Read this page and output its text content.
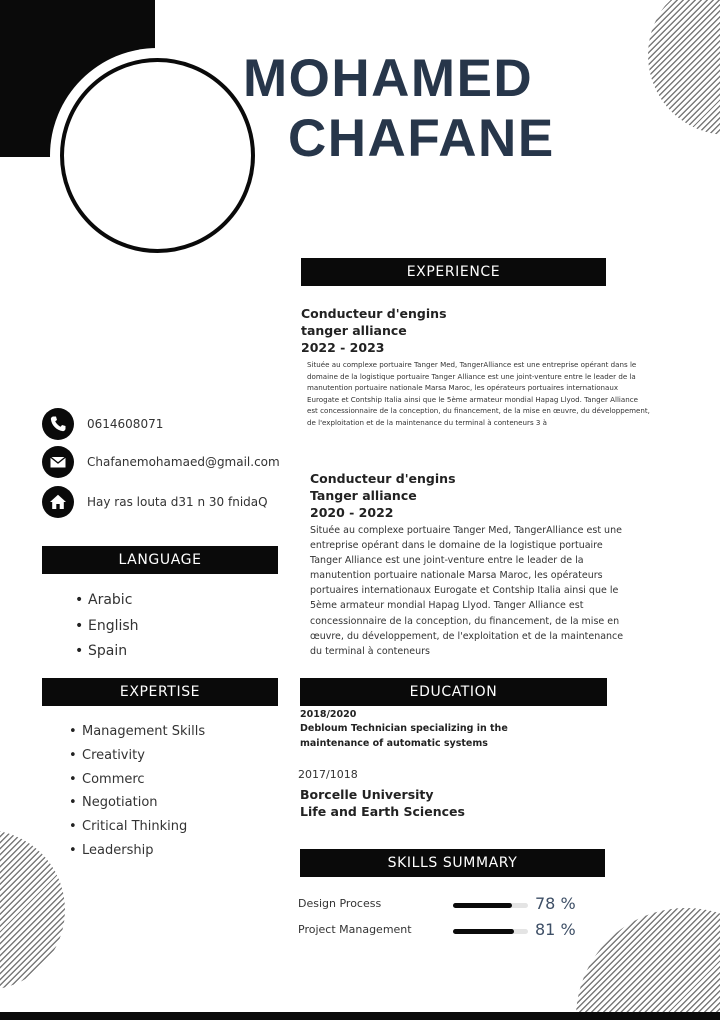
MOHAMED
CHAFANE
0614608071
Chafanemohamaed@gmail.com
Hay ras louta d31 n 30 fnidaQ
EXPERIENCE
LANGUAGE
EXPERTISE	EDUCATION
SKILLS SUMMARY
Conducteur d'engins
tanger alliance
2022 - 2023
Située au complexe portuaire Tanger Med, TangerAlliance est une entreprise opérant dans le domaine de la logistique portuaire Tanger Alliance est une joint-venture entre le leader de la manutention portuaire nationale Marsa Maroc, les opérateurs portuaires internationaux Eurogate et Contship Italia ainsi que le 5ème armateur mondial Hapag Llyod. Tanger Alliance est concessionnaire de la conception, du financement, de la mise en œuvre, du développement, de l'exploitation et de la maintenance du terminal à conteneurs 3 à
Conducteur d'engins
Tanger alliance
2020 - 2022
Située au complexe portuaire Tanger Med, TangerAlliance est une entreprise opérant dans le domaine de la logistique portuaire Tanger Alliance est une joint-venture entre le leader de la manutention portuaire nationale Marsa Maroc, les opérateurs portuaires internationaux Eurogate et Contship Italia ainsi que le 5ème armateur mondial Hapag Llyod. Tanger Alliance est concessionnaire de la conception, du financement, de la mise en œuvre, du développement, de l'exploitation et de la maintenance du terminal à conteneurs
• Arabic
• English
• Spain
• Management Skills
• Creativity
• Commerc
• Negotiation
• Critical Thinking
• Leadership
2018/2020
Debloum Technician specializing in the
maintenance of automatic systems
2017/1018
Borcelle University
Life and Earth Sciences
Design Process	78 %
Project Management	81 %
